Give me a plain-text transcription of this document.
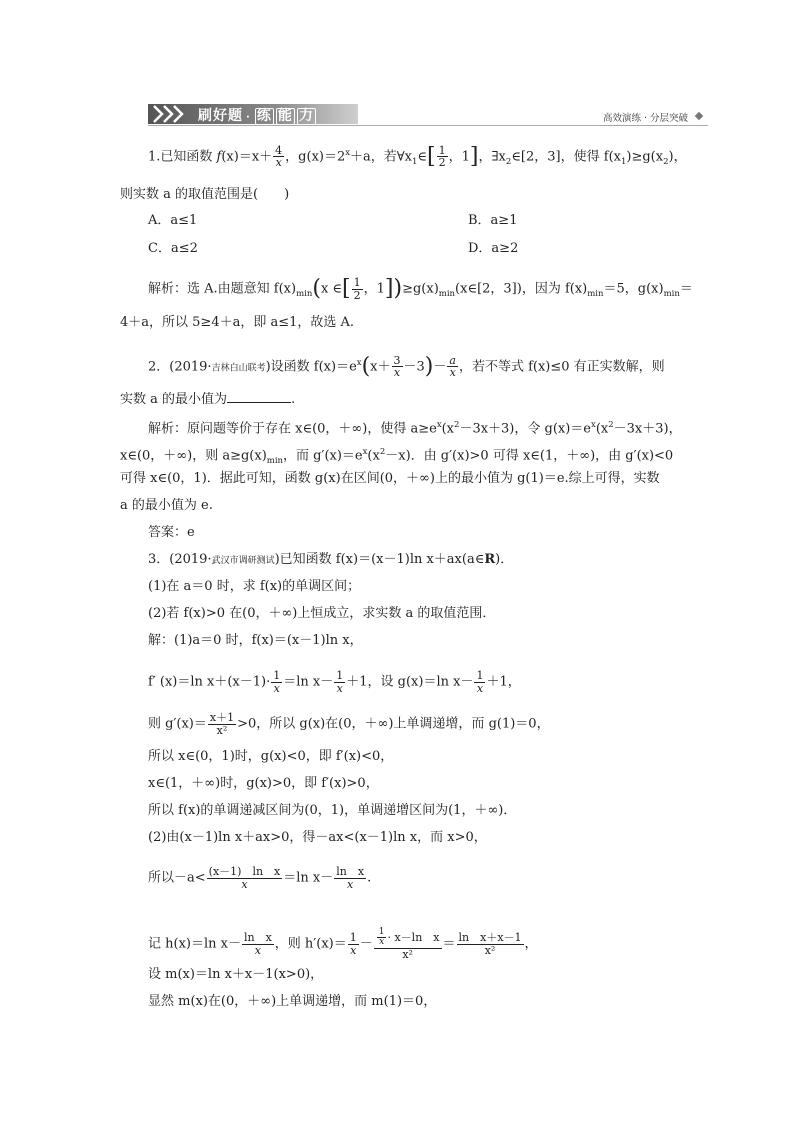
刷好题 · 练 能 力	高效演练 · 分层突破
1.已知函数 $f(x)=x+ \frac{4}{x}$ ，$g(x)=2^x+a$，若$\forall x_1\in[ \frac{1}{2}$ ，1]，$\exists x_2\in[2$，3]，使得 $f(x_1)\ge g(x_2)$，
则实数 a 的取值范围是(　　)
A．a≤1	B．a≥1
C．a≤2	D．a≥2
解析：选 A.由题意知 $f(x)_{min}(x$ ∈[ $\frac{1}{2}$ ，$1])\ge g(x)_{min}(x\in[2$，3])，因为 $f(x)_{min}=5$，$g(x)_{min}=$
4＋a，所以 5≥4＋a，即 a≤1，故选 A.
2．(2019·吉林白山联考)设函数 $f(x)=e^x(x+ \frac{3}{x} -3)- \frac{a}{x}$ ，若不等式 f(x)≤0 有正实数解，则
实数 a 的最小值为	.
解析：原问题等价于存在 x∈(0，＋∞)，使得 $a\ge e^x(x^2-3x+3)$，令 $g(x)=e^x(x^2-3x+3)$，
x∈(0，＋∞)，则 $a\ge g(x)_{min}$，而 $g'(x)=e^x(x^2-x)$．由 g′(x)>0 可得 x∈(1，＋∞)，由 g′(x)<0
可得 x∈(0，1)．据此可知，函数 g(x)在区间(0，＋∞)上的最小值为 g(1)＝e.综上可得，实数
a 的最小值为 e.
答案：e
3．(2019·武汉市调研测试)已知函数 f(x)＝(x－1)ln x＋ax(a∈R)．
(1)在 a＝0 时，求 f(x)的单调区间；
(2)若 f(x)>0 在(0，＋∞)上恒成立，求实数 a 的取值范围．
解：(1)a＝0 时，f(x)＝(x－1)ln x，
f′ (x)＝ln $x+(x-1)\cdot \frac{1}{x} =\ln$ $x- \frac{1}{x} +1$，设 g(x)＝ln $x- \frac{1}{x} +1$，
则 $g'(x)= \frac{x+1}{\text{x²}} >0$，所以 g(x)在(0，＋∞)上单调递增，而 g(1)＝0，
所以 x∈(0，1)时，g(x)<0，即 f′(x)<0，
x∈(1，＋∞)时，g(x)>0，即 f′(x)>0，
所以 f(x)的单调递减区间为(0，1)，单调递增区间为(1，＋∞)．
(2)由(x－1)ln x＋ax>0，得－ax<(x－1)ln x，而 x>0，
所以$-a< \frac{\text{(x－1)　ln　x}}{x} =\ln$ $x- \frac{\text{ln　x}}{x}$ .
记 h(x)＝ln $x- \frac{\text{ln　x}}{x}$ ，则 $h'(x)= \frac{1}{x} - \frac{\frac{1}{x} \cdot x-\ln x}{\text{x²}} = \frac{\text{ln　x＋x－1}}{\text{x²}}$ ，
设 m(x)＝ln x＋x－1(x>0)，
显然 m(x)在(0，＋∞)上单调递增，而 m(1)＝0，
